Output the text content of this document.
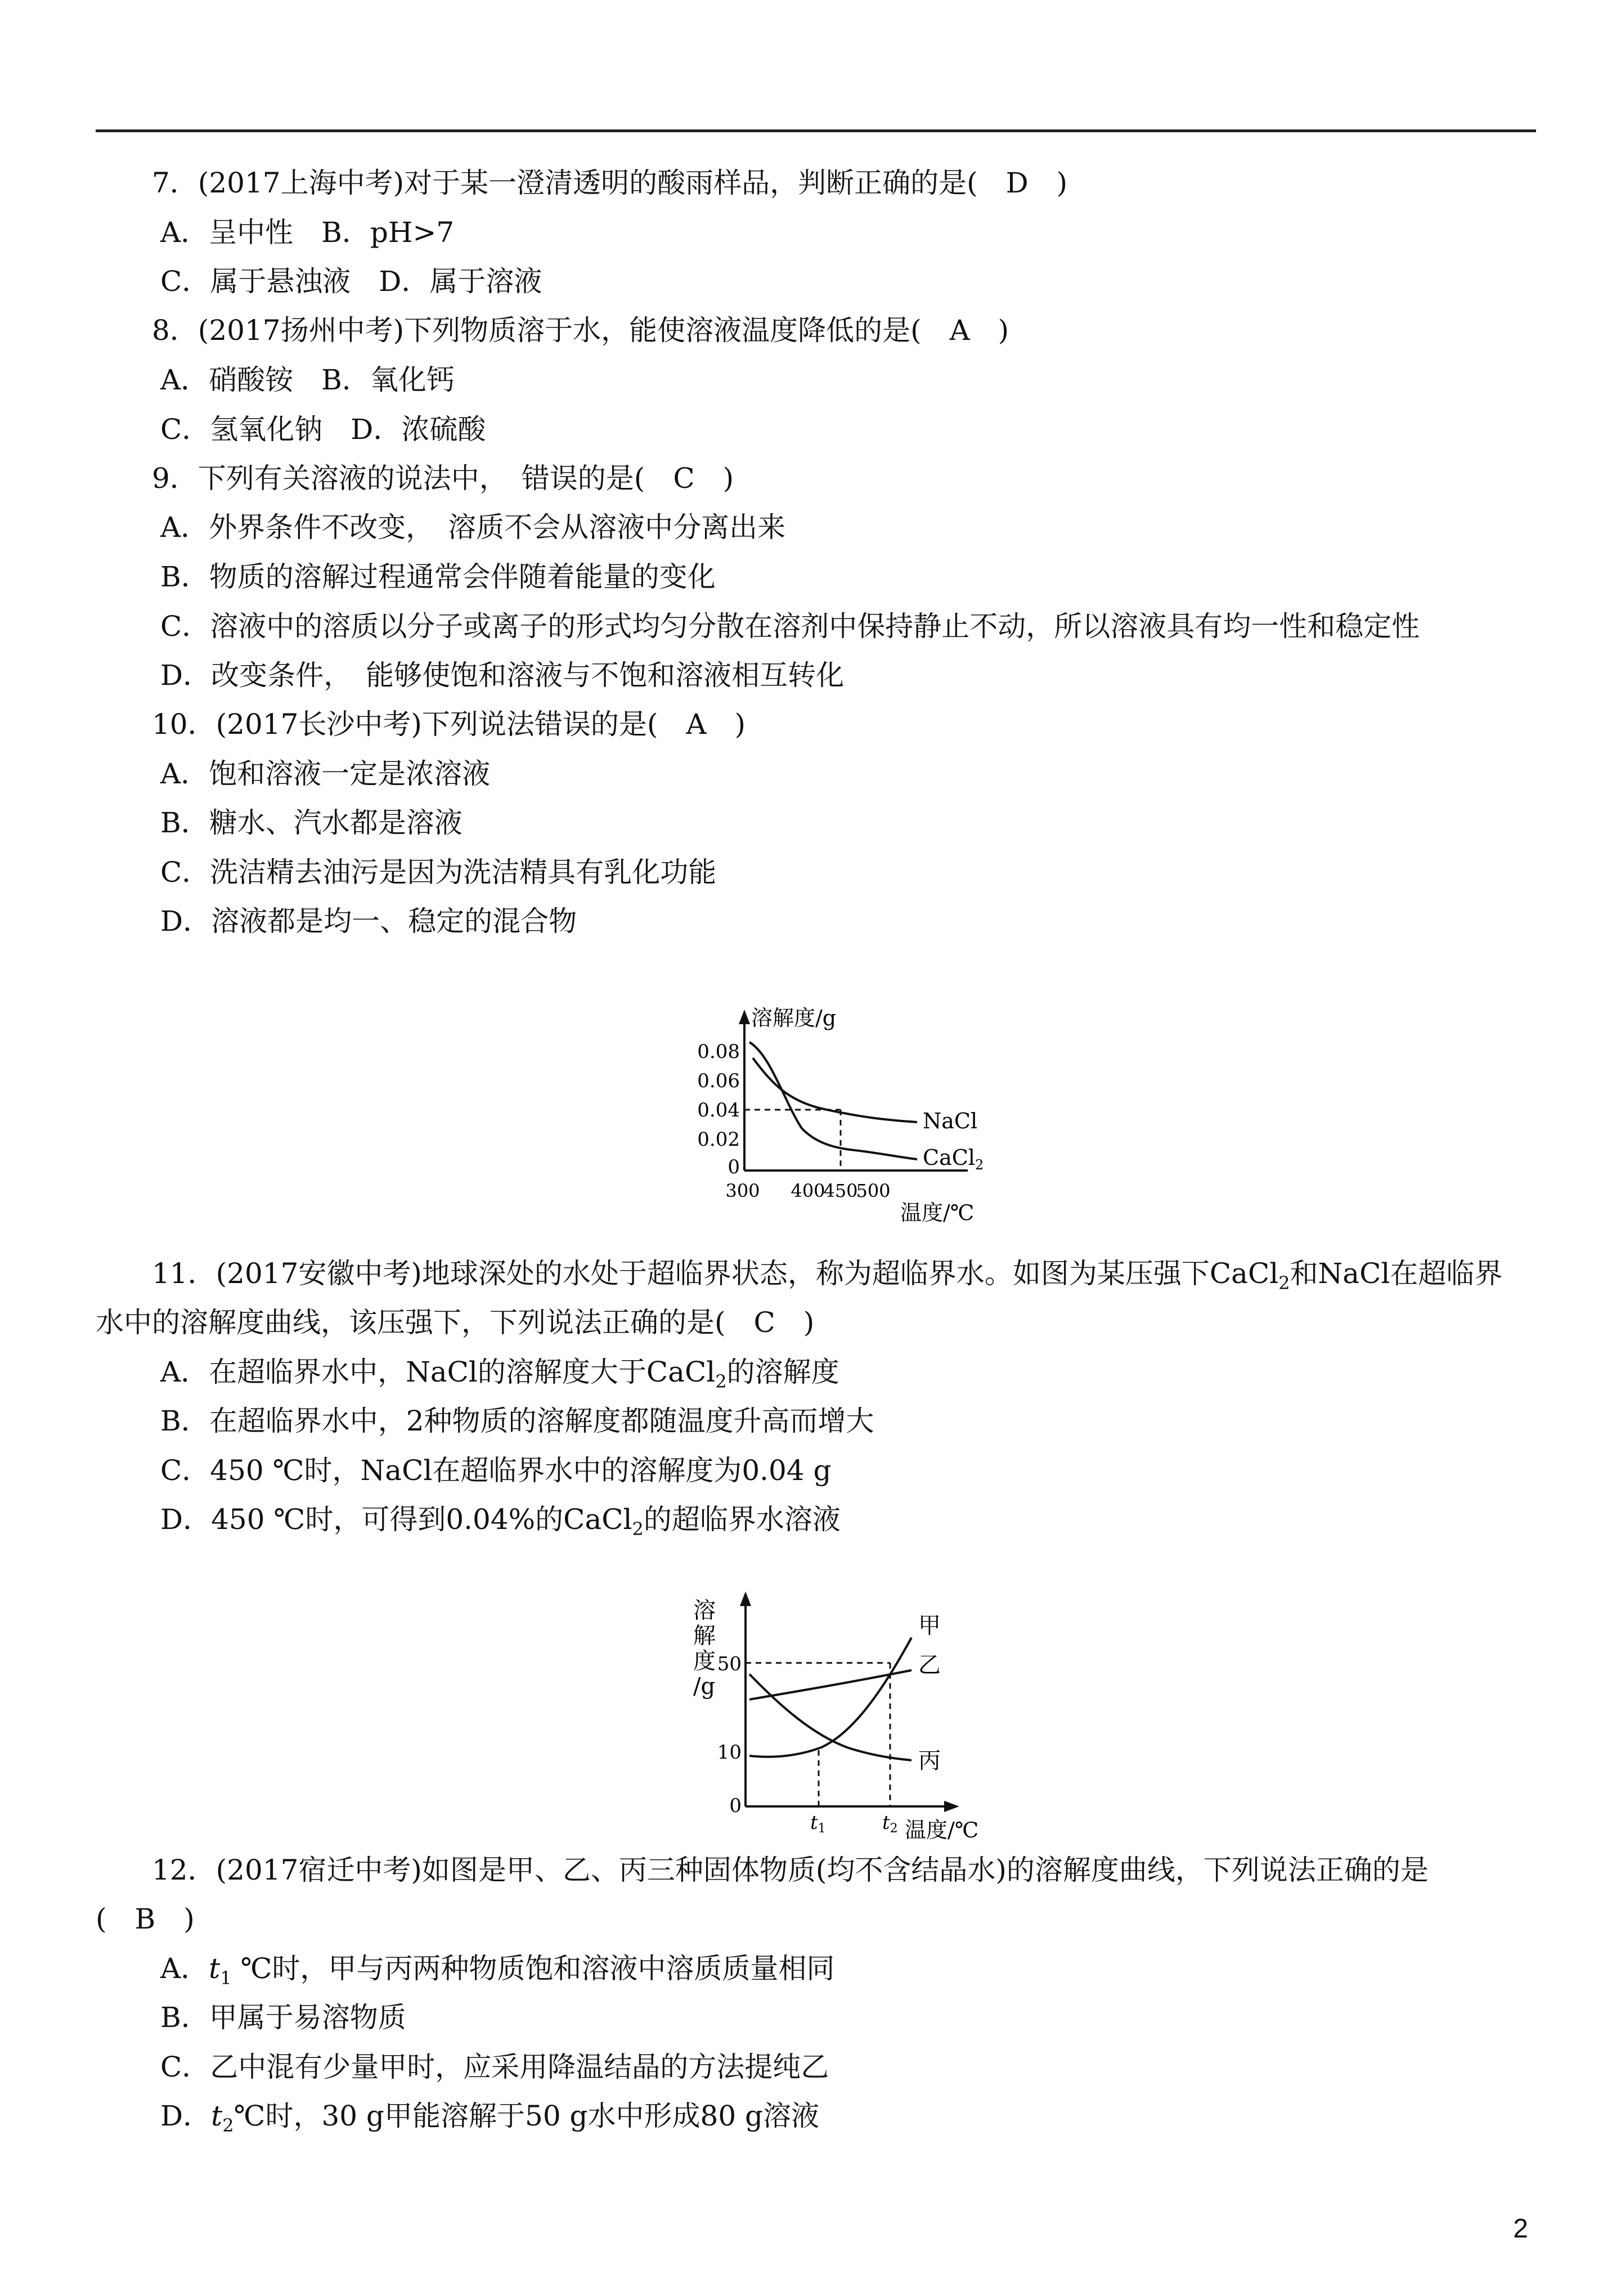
7．(2017上海中考)对于某一澄清透明的酸雨样品，判断正确的是(　D　)
A．呈中性　B．pH>7
C．属于悬浊液　D．属于溶液
8．(2017扬州中考)下列物质溶于水，能使溶液温度降低的是(　A　)
A．硝酸铵　B．氧化钙
C．氢氧化钠　D．浓硫酸
9．下列有关溶液的说法中，　错误的是(　C　)
A．外界条件不改变，　溶质不会从溶液中分离出来
B．物质的溶解过程通常会伴随着能量的变化
C．溶液中的溶质以分子或离子的形式均匀分散在溶剂中保持静止不动，所以溶液具有均一性和稳定性
D．改变条件，　能够使饱和溶液与不饱和溶液相互转化
10．(2017长沙中考)下列说法错误的是(　A　)
A．饱和溶液一定是浓溶液
B．糖水、汽水都是溶液
C．洗洁精去油污是因为洗洁精具有乳化功能
D．溶液都是均一、稳定的混合物
溶解度/g
0.08
0.06
0.04
0.02
0
300 400
450
500
温度/℃
NaCl
CaCl$_2$
11．(2017安徽中考)地球深处的水处于超临界状态，称为超临界水。如图为某压强下CaCl$_2$和NaCl在超临界
水中的溶解度曲线，该压强下，下列说法正确的是(　C　)
A．在超临界水中，NaCl的溶解度大于CaCl$_2$的溶解度
B．在超临界水中，2种物质的溶解度都随温度升高而增大
C．450 ℃时，NaCl在超临界水中的溶解度为0.04 g
D．450 ℃时，可得到0.04%的CaCl$_2$的超临界水溶液
溶
解
度
/g
50
10
0
t1	t2 温度/℃
甲
乙
丙
12．(2017宿迁中考)如图是甲、乙、丙三种固体物质(均不含结晶水)的溶解度曲线，下列说法正确的是
(　B　)
A．$t_1$ ℃时，甲与丙两种物质饱和溶液中溶质质量相同
B．甲属于易溶物质
C．乙中混有少量甲时，应采用降温结晶的方法提纯乙
D．$t_2℃$时，30 g甲能溶解于50 g水中形成80 g溶液
2
